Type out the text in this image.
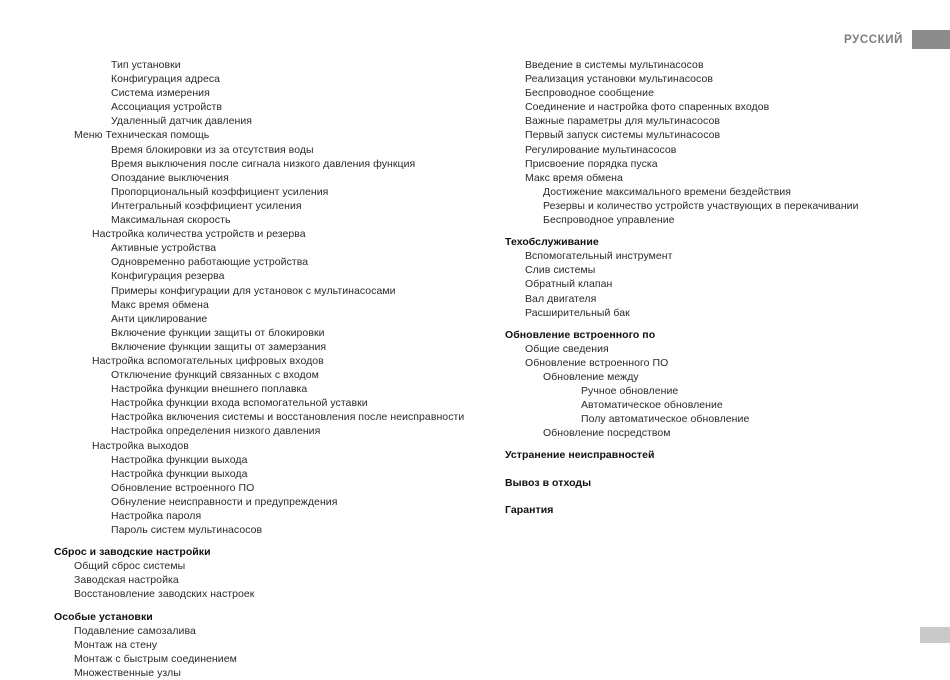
РУССКИЙ
Тип установки
Конфигурация адреса
Система измерения
Ассоциация устройств
Удаленный датчик давления
Меню Техническая помощь
Время блокировки из за отсутствия воды
Время выключения после сигнала низкого давления функция
Опоздание выключения
Пропорциональный коэффициент усиления
Интегральный коэффициент усиления
Максимальная скорость
Настройка количества устройств и резерва
Активные устройства
Одновременно работающие устройства
Конфигурация резерва
Примеры конфигурации для установок с мультинасосами
Макс время обмена
Анти циклирование
Включение функции защиты от блокировки
Включение функции защиты от замерзания
Настройка вспомогательных цифровых входов
Отключение функций связанных с входом
Настройка функции внешнего поплавка
Настройка функции входа вспомогательной уставки
Настройка включения системы и восстановления после неисправности
Настройка определения низкого давления
Настройка выходов
Настройка функции выхода
Настройка функции выхода
Обновление встроенного ПО
Обнуление неисправности и предупреждения
Настройка пароля
Пароль систем мультинасосов
Сброс и заводские настройки
Общий сброс системы
Заводская настройка
Восстановление заводских настроек
Особые установки
Подавление самозалива
Монтаж на стену
Монтаж с быстрым соединением
Множественные узлы
Введение в системы мультинасосов
Реализация установки мультинасосов
Беспроводное сообщение
Соединение и настройка фото спаренных входов
Важные параметры для мультинасосов
Первый запуск системы мультинасосов
Регулирование мультинасосов
Присвоение порядка пуска
Макс время обмена
Достижение максимального времени бездействия
Резервы и количество устройств участвующих в перекачивании
Беспроводное управление
Техобслуживание
Вспомогательный инструмент
Слив системы
Обратный клапан
Вал двигателя
Расширительный бак
Обновление встроенного по
Общие сведения
Обновление встроенного ПО
Обновление между
Ручное обновление
Автоматическое обновление
Полу автоматическое обновление
Обновление посредством
Устранение неисправностей
Вывоз в отходы
Гарантия
